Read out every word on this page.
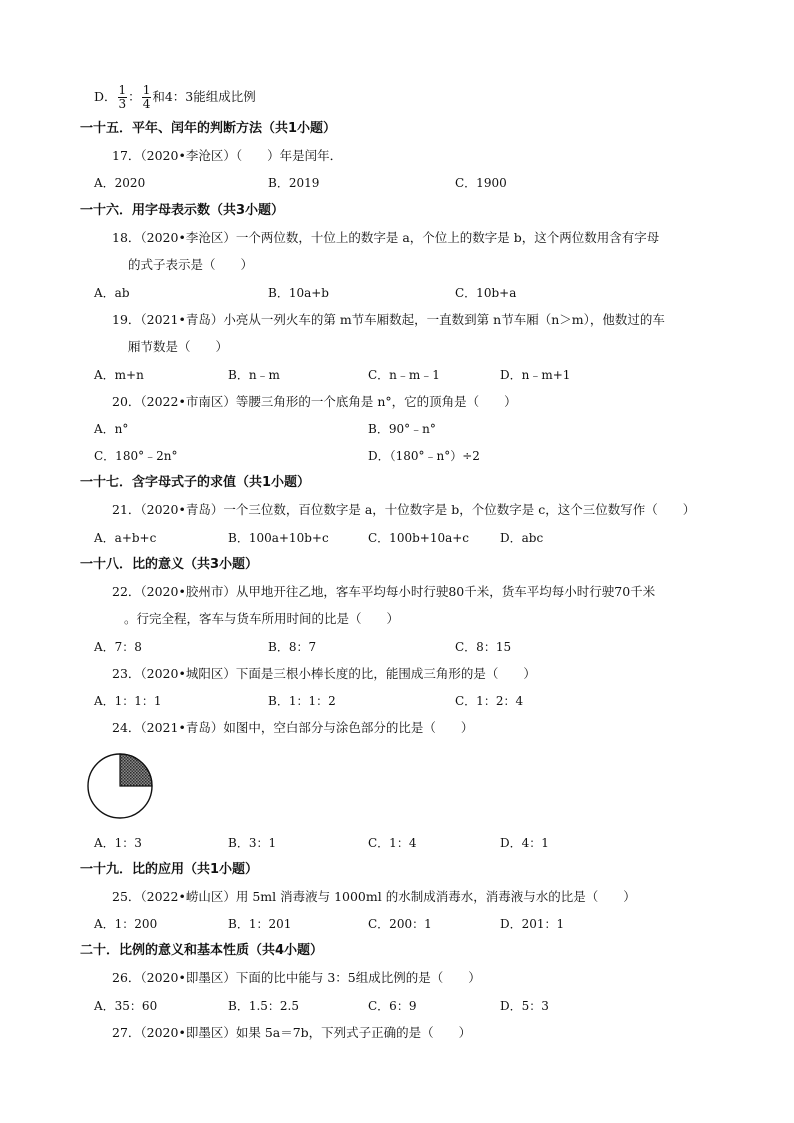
D． $\frac{1}{3}$ ： $\frac{1}{4}$ 和4：3能组成比例
一十五．平年、闰年的判断方法（共1小题）
17．（2020•李沧区）（　　）年是闰年．
A．2020	B．2019	C．1900
一十六．用字母表示数（共3小题）
18．（2020•李沧区）一个两位数，十位上的数字是 a，个位上的数字是 b，这个两位数用含有字母
的式子表示是（　　）
A．ab	B．10a+b	C．10b+a
19．（2021•青岛）小亮从一列火车的第 m节车厢数起，一直数到第 n节车厢（n＞m），他数过的车
厢节数是（　　）
A．m+n	B．n﹣m	C．n﹣m﹣1	D．n﹣m+1
20．（2022•市南区）等腰三角形的一个底角是 n°，它的顶角是（　　）
A．n°	B．90°﹣n°
C．180°﹣2n°	D．（180°﹣n°）÷2
一十七．含字母式子的求值（共1小题）
21．（2020•青岛）一个三位数，百位数字是 a，十位数字是 b，个位数字是 c，这个三位数写作（　　）
A．a+b+c	B．100a+10b+c	C．100b+10a+c	D．abc
一十八．比的意义（共3小题）
22．（2020•胶州市）从甲地开往乙地，客车平均每小时行驶80千米，货车平均每小时行驶70千米
。行完全程，客车与货车所用时间的比是（　　）
A．7：8	B．8：7	C．8：15
23．（2020•城阳区）下面是三根小棒长度的比，能围成三角形的是（　　）
A．1：1：1	B．1：1：2	C．1：2：4
24．（2021•青岛）如图中，空白部分与涂色部分的比是（　　）
A．1：3	B．3：1	C．1：4	D．4：1
一十九．比的应用（共1小题）
25．（2022•崂山区）用 5ml 消毒液与 1000ml 的水制成消毒水，消毒液与水的比是（　　）
A．1：200	B．1：201	C．200：1	D．201：1
二十．比例的意义和基本性质（共4小题）
26．（2020•即墨区）下面的比中能与 3：5组成比例的是（　　）
A．35：60	B．1.5：2.5	C．6：9	D．5：3
27．（2020•即墨区）如果 5a＝7b，下列式子正确的是（　　）
